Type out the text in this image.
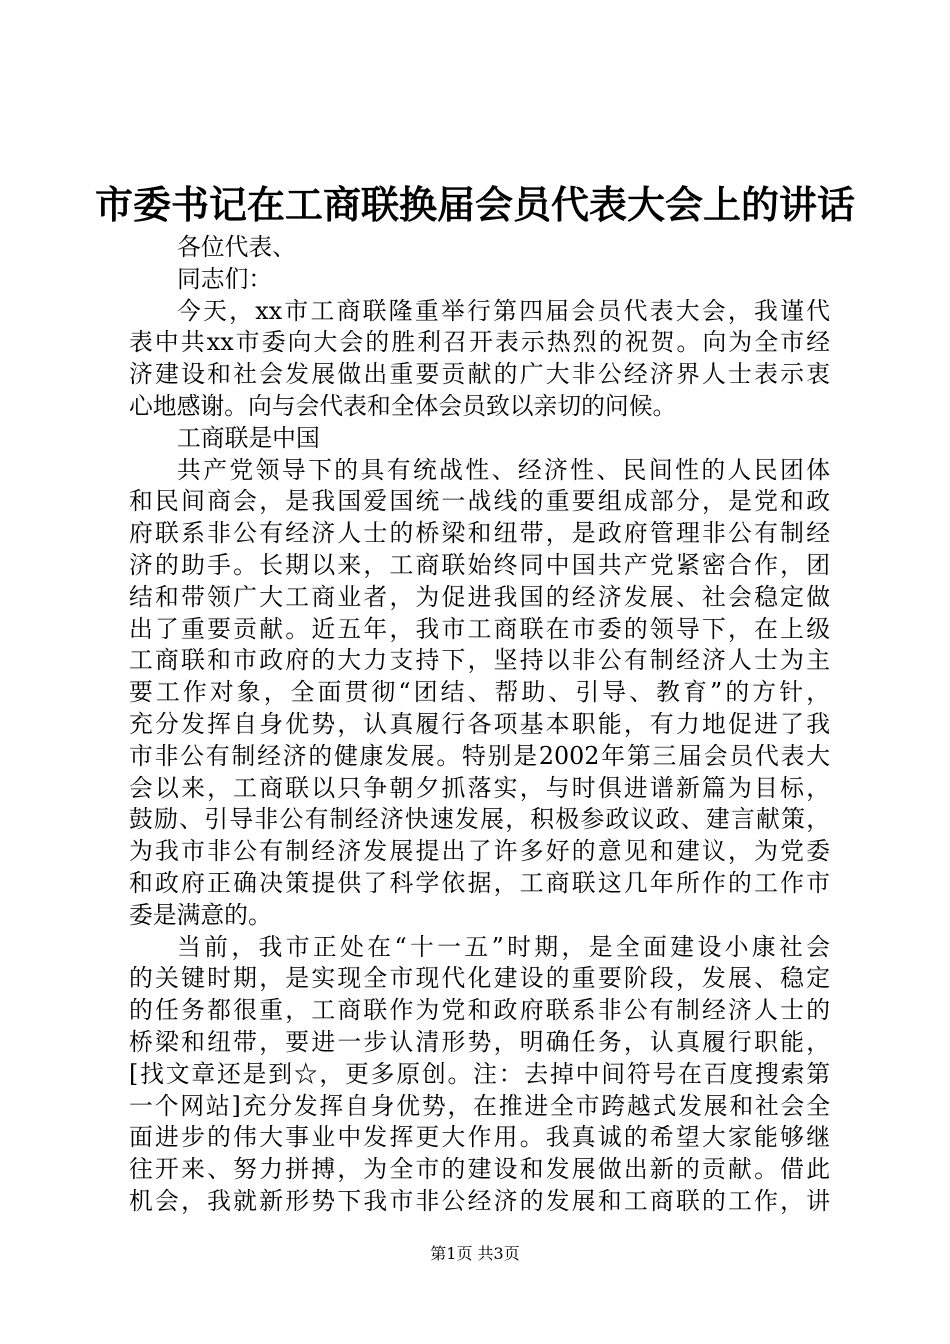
市委书记在工商联换届会员代表大会上的讲话
各位代表、
同志们：
今天，xx市工商联隆重举行第四届会员代表大会，我谨代
表中共xx市委向大会的胜利召开表示热烈的祝贺。向为全市经
济建设和社会发展做出重要贡献的广大非公经济界人士表示衷
心地感谢。向与会代表和全体会员致以亲切的问候。
工商联是中国
共产党领导下的具有统战性、经济性、民间性的人民团体
和民间商会，是我国爱国统一战线的重要组成部分，是党和政
府联系非公有经济人士的桥梁和纽带，是政府管理非公有制经
济的助手。长期以来，工商联始终同中国共产党紧密合作，团
结和带领广大工商业者，为促进我国的经济发展、社会稳定做
出了重要贡献。近五年，我市工商联在市委的领导下，在上级
工商联和市政府的大力支持下，坚持以非公有制经济人士为主
要工作对象，全面贯彻“团结、帮助、引导、教育”的方针，
充分发挥自身优势，认真履行各项基本职能，有力地促进了我
市非公有制经济的健康发展。特别是2002年第三届会员代表大
会以来，工商联以只争朝夕抓落实，与时俱进谱新篇为目标，
鼓励、引导非公有制经济快速发展，积极参政议政、建言献策，
为我市非公有制经济发展提出了许多好的意见和建议，为党委
和政府正确决策提供了科学依据，工商联这几年所作的工作市
委是满意的。
当前，我市正处在“十一五”时期，是全面建设小康社会
的关键时期，是实现全市现代化建设的重要阶段，发展、稳定
的任务都很重，工商联作为党和政府联系非公有制经济人士的
桥梁和纽带，要进一步认清形势，明确任务，认真履行职能，
[找文章还是到☆，更多原创。注：去掉中间符号在百度搜索第
一个网站]充分发挥自身优势，在推进全市跨越式发展和社会全
面进步的伟大事业中发挥更大作用。我真诚的希望大家能够继
往开来、努力拼搏，为全市的建设和发展做出新的贡献。借此
机会，我就新形势下我市非公经济的发展和工商联的工作，讲
第1页 共3页
